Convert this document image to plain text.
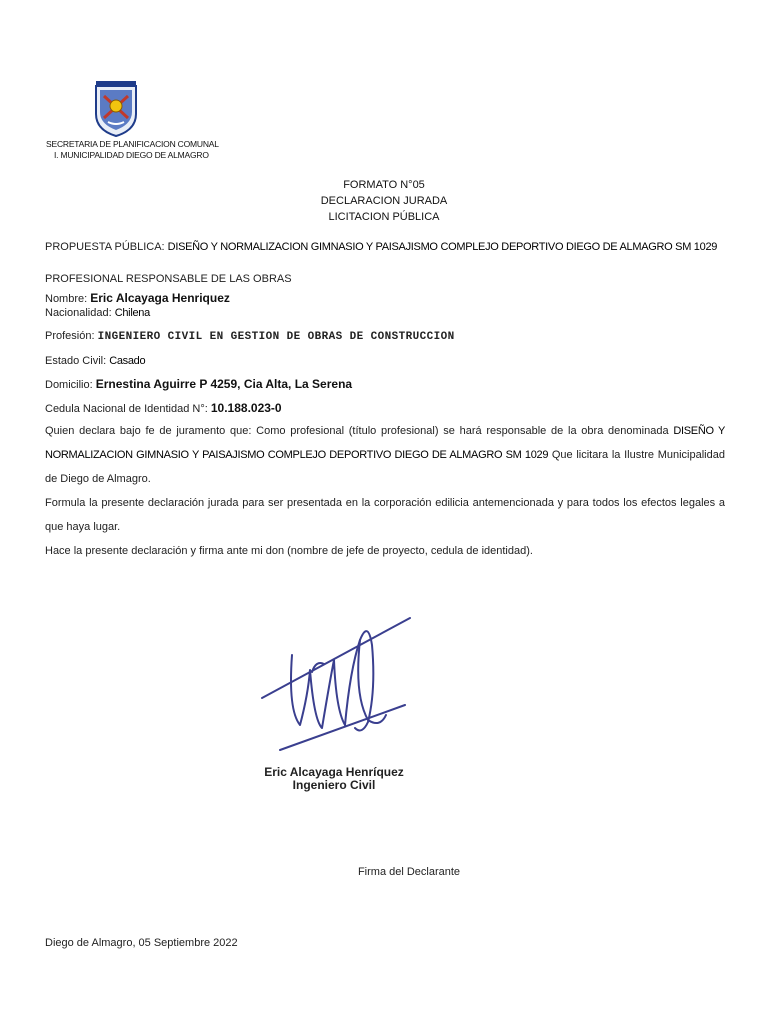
SECRETARIA DE PLANIFICACION COMUNAL
I. MUNICIPALIDAD DIEGO DE ALMAGRO
FORMATO N°05
DECLARACION JURADA
LICITACION PÚBLICA
PROPUESTA PÚBLICA: DISEÑO Y NORMALIZACION GIMNASIO Y PAISAJISMO COMPLEJO DEPORTIVO DIEGO DE ALMAGRO SM 1029
PROFESIONAL RESPONSABLE DE LAS OBRAS
Nombre: Eric Alcayaga Henriquez
Nacionalidad: Chilena
Profesión: INGENIERO CIVIL EN GESTION DE OBRAS DE CONSTRUCCION
Estado Civil: Casado
Domicilio: Ernestina Aguirre P 4259, Cia Alta, La Serena
Cedula Nacional de Identidad N°: 10.188.023-0
Quien declara bajo fe de juramento que: Como profesional (título profesional) se hará responsable de la obra denominada DISEÑO Y NORMALIZACION GIMNASIO Y PAISAJISMO COMPLEJO DEPORTIVO DIEGO DE ALMAGRO SM 1029 Que licitara la Ilustre Municipalidad de Diego de Almagro.
Formula la presente declaración jurada para ser presentada en la corporación edilicia antemencionada y para todos los efectos legales a que haya lugar.
Hace la presente declaración y firma ante mi don (nombre de jefe de proyecto, cedula de identidad).
Eric Alcayaga Henríquez
Ingeniero Civil
Firma del Declarante
Diego de Almagro, 05 Septiembre 2022
